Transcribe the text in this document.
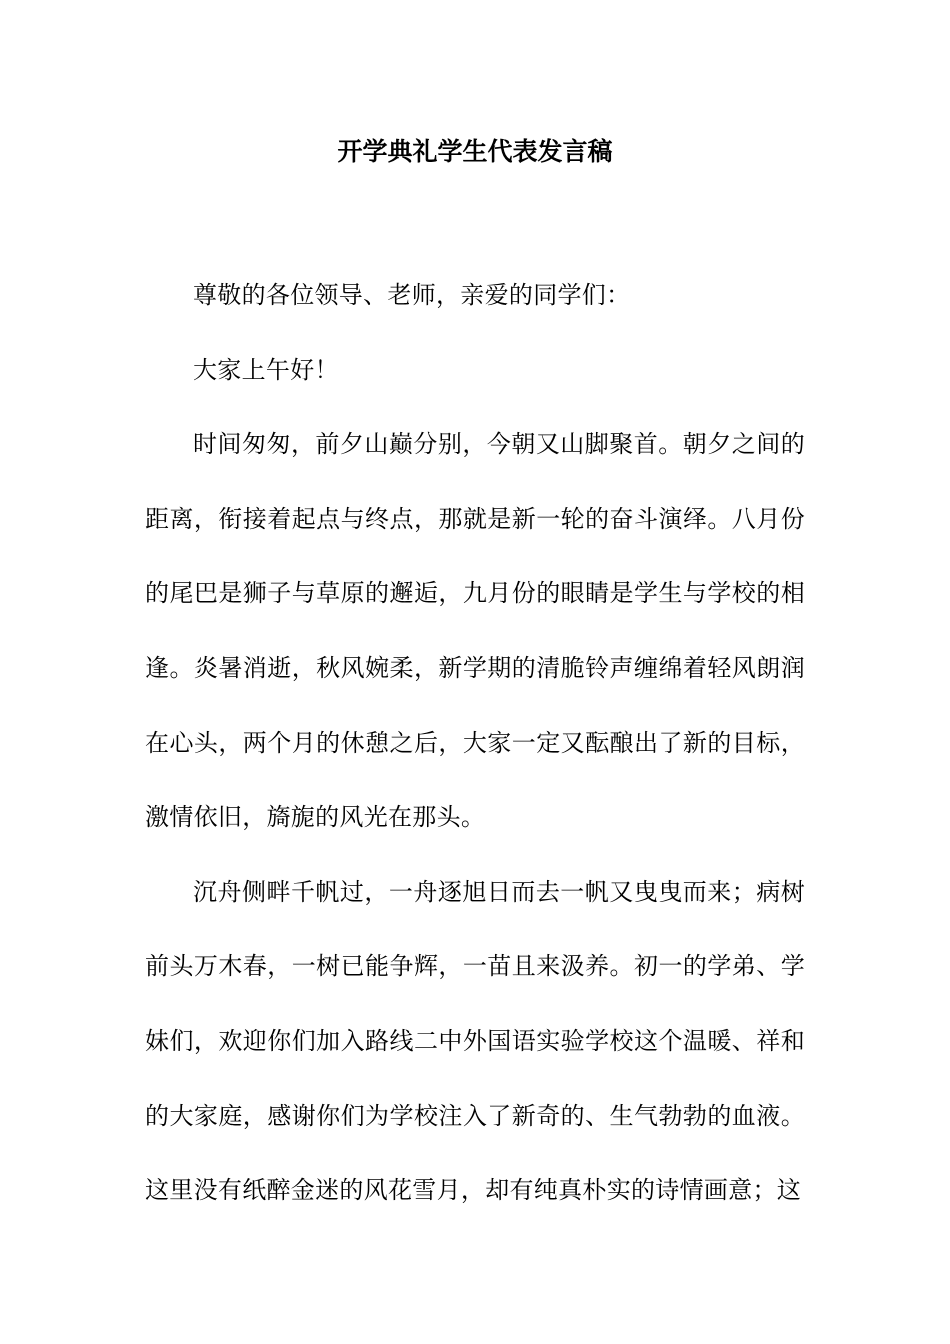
开学典礼学生代表发言稿

尊敬的各位领导、老师，亲爱的同学们：

大家上午好！

时间匆匆，前夕山巅分别，今朝又山脚聚首。朝夕之间的距离，衔接着起点与终点，那就是新一轮的奋斗演绎。八月份的尾巴是狮子与草原的邂逅，九月份的眼睛是学生与学校的相逢。炎暑消逝，秋风婉柔，新学期的清脆铃声缠绵着轻风朗润在心头，两个月的休憩之后，大家一定又酝酿出了新的目标，激情依旧，旖旎的风光在那头。

沉舟侧畔千帆过，一舟逐旭日而去一帆又曳曳而来；病树前头万木春，一树已能争辉，一苗且来汲养。初一的学弟、学妹们，欢迎你们加入路线二中外国语实验学校这个温暖、祥和的大家庭，感谢你们为学校注入了新奇的、生气勃勃的血液。这里没有纸醉金迷的风花雪月，却有纯真朴实的诗情画意；这
